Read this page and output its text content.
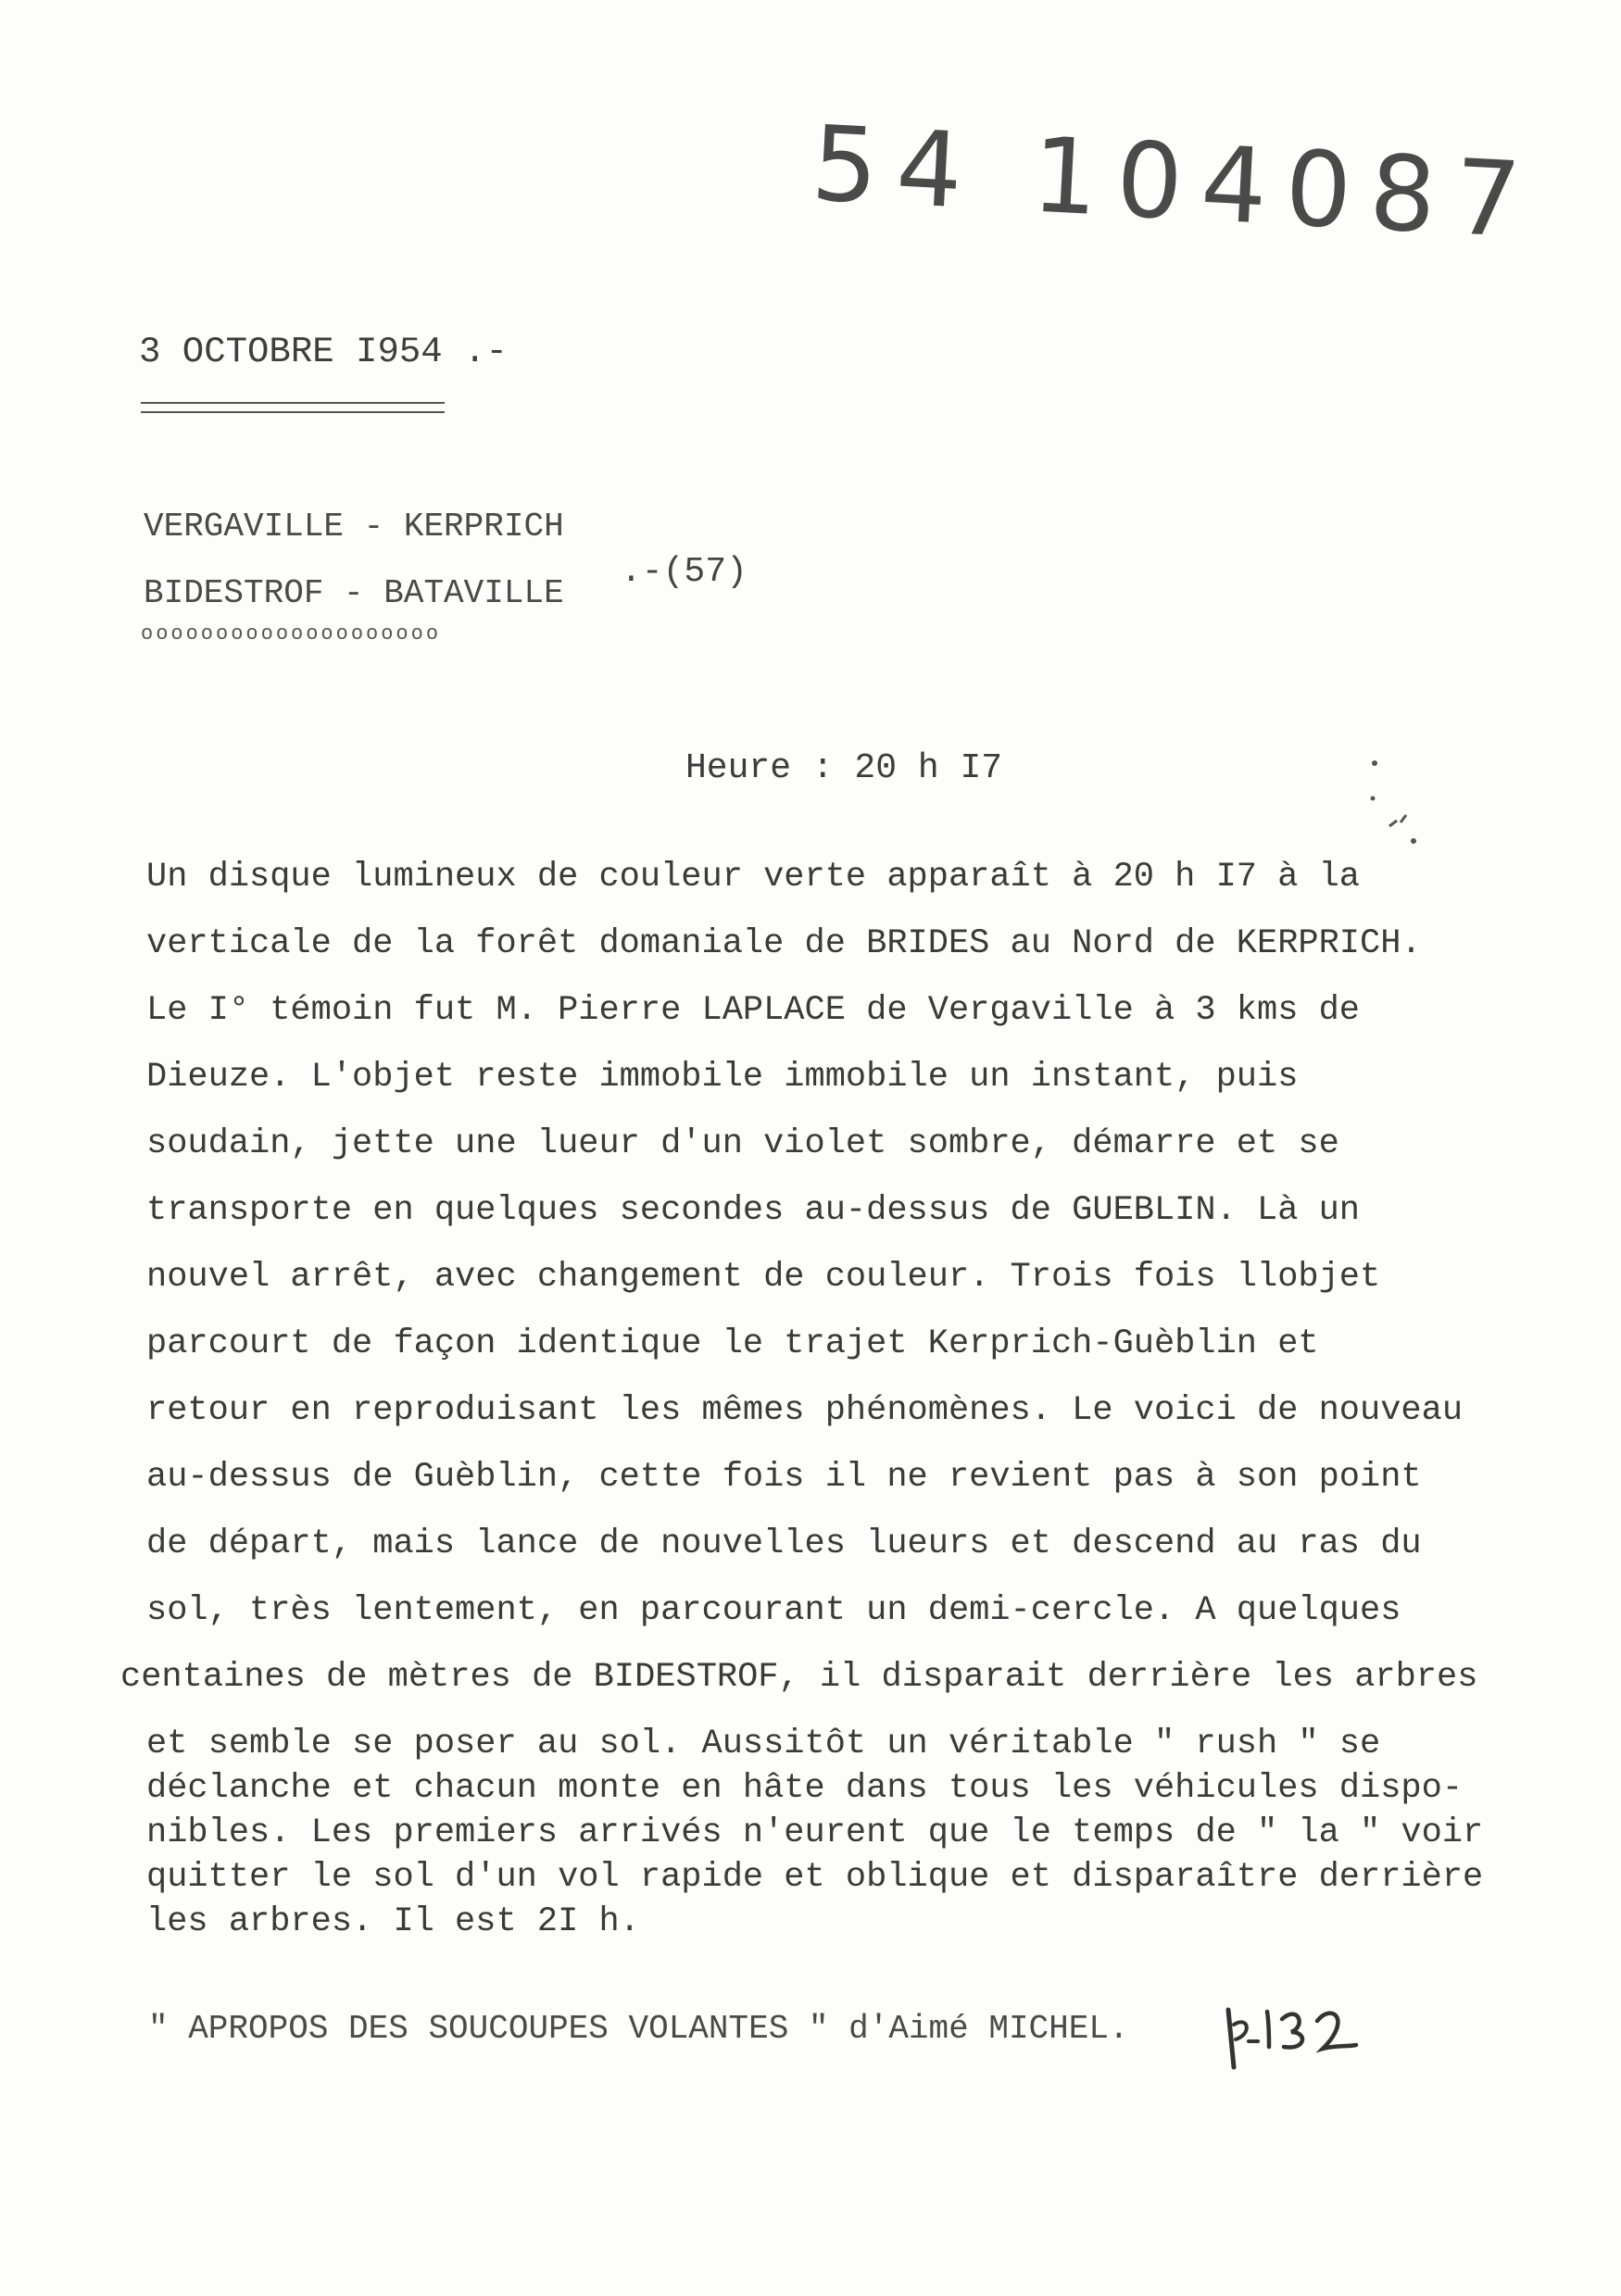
54 104087
3 OCTOBRE I954 .-
VERGAVILLE - KERPRICH
BIDESTROF - BATAVILLE
.-(57)
oooooooooooooooooooo
Heure : 20 h I7
Un disque lumineux de couleur verte apparaît à 20 h I7 à la
verticale de la forêt domaniale de BRIDES au Nord de KERPRICH.
Le I° témoin fut M. Pierre LAPLACE de Vergaville à 3 kms de
Dieuze. L'objet reste immobile immobile un instant, puis
soudain, jette une lueur d'un violet sombre, démarre et se
transporte en quelques secondes au-dessus de GUEBLIN. Là un
nouvel arrêt, avec changement de couleur. Trois fois llobjet
parcourt de façon identique le trajet Kerprich-Guèblin et
retour en reproduisant les mêmes phénomènes. Le voici de nouveau
au-dessus de Guèblin, cette fois il ne revient pas à son point
de départ, mais lance de nouvelles lueurs et descend au ras du
sol, très lentement, en parcourant un demi-cercle. A quelques
centaines de mètres de BIDESTROF, il disparait derrière les arbres
et semble se poser au sol. Aussitôt un véritable " rush " se
déclanche et chacun monte en hâte dans tous les véhicules dispo-
nibles. Les premiers arrivés n'eurent que le temps de " la " voir
quitter le sol d'un vol rapide et oblique et disparaître derrière
les arbres. Il est 2I h.
" APROPOS DES SOUCOUPES VOLANTES " d'Aimé MICHEL.
